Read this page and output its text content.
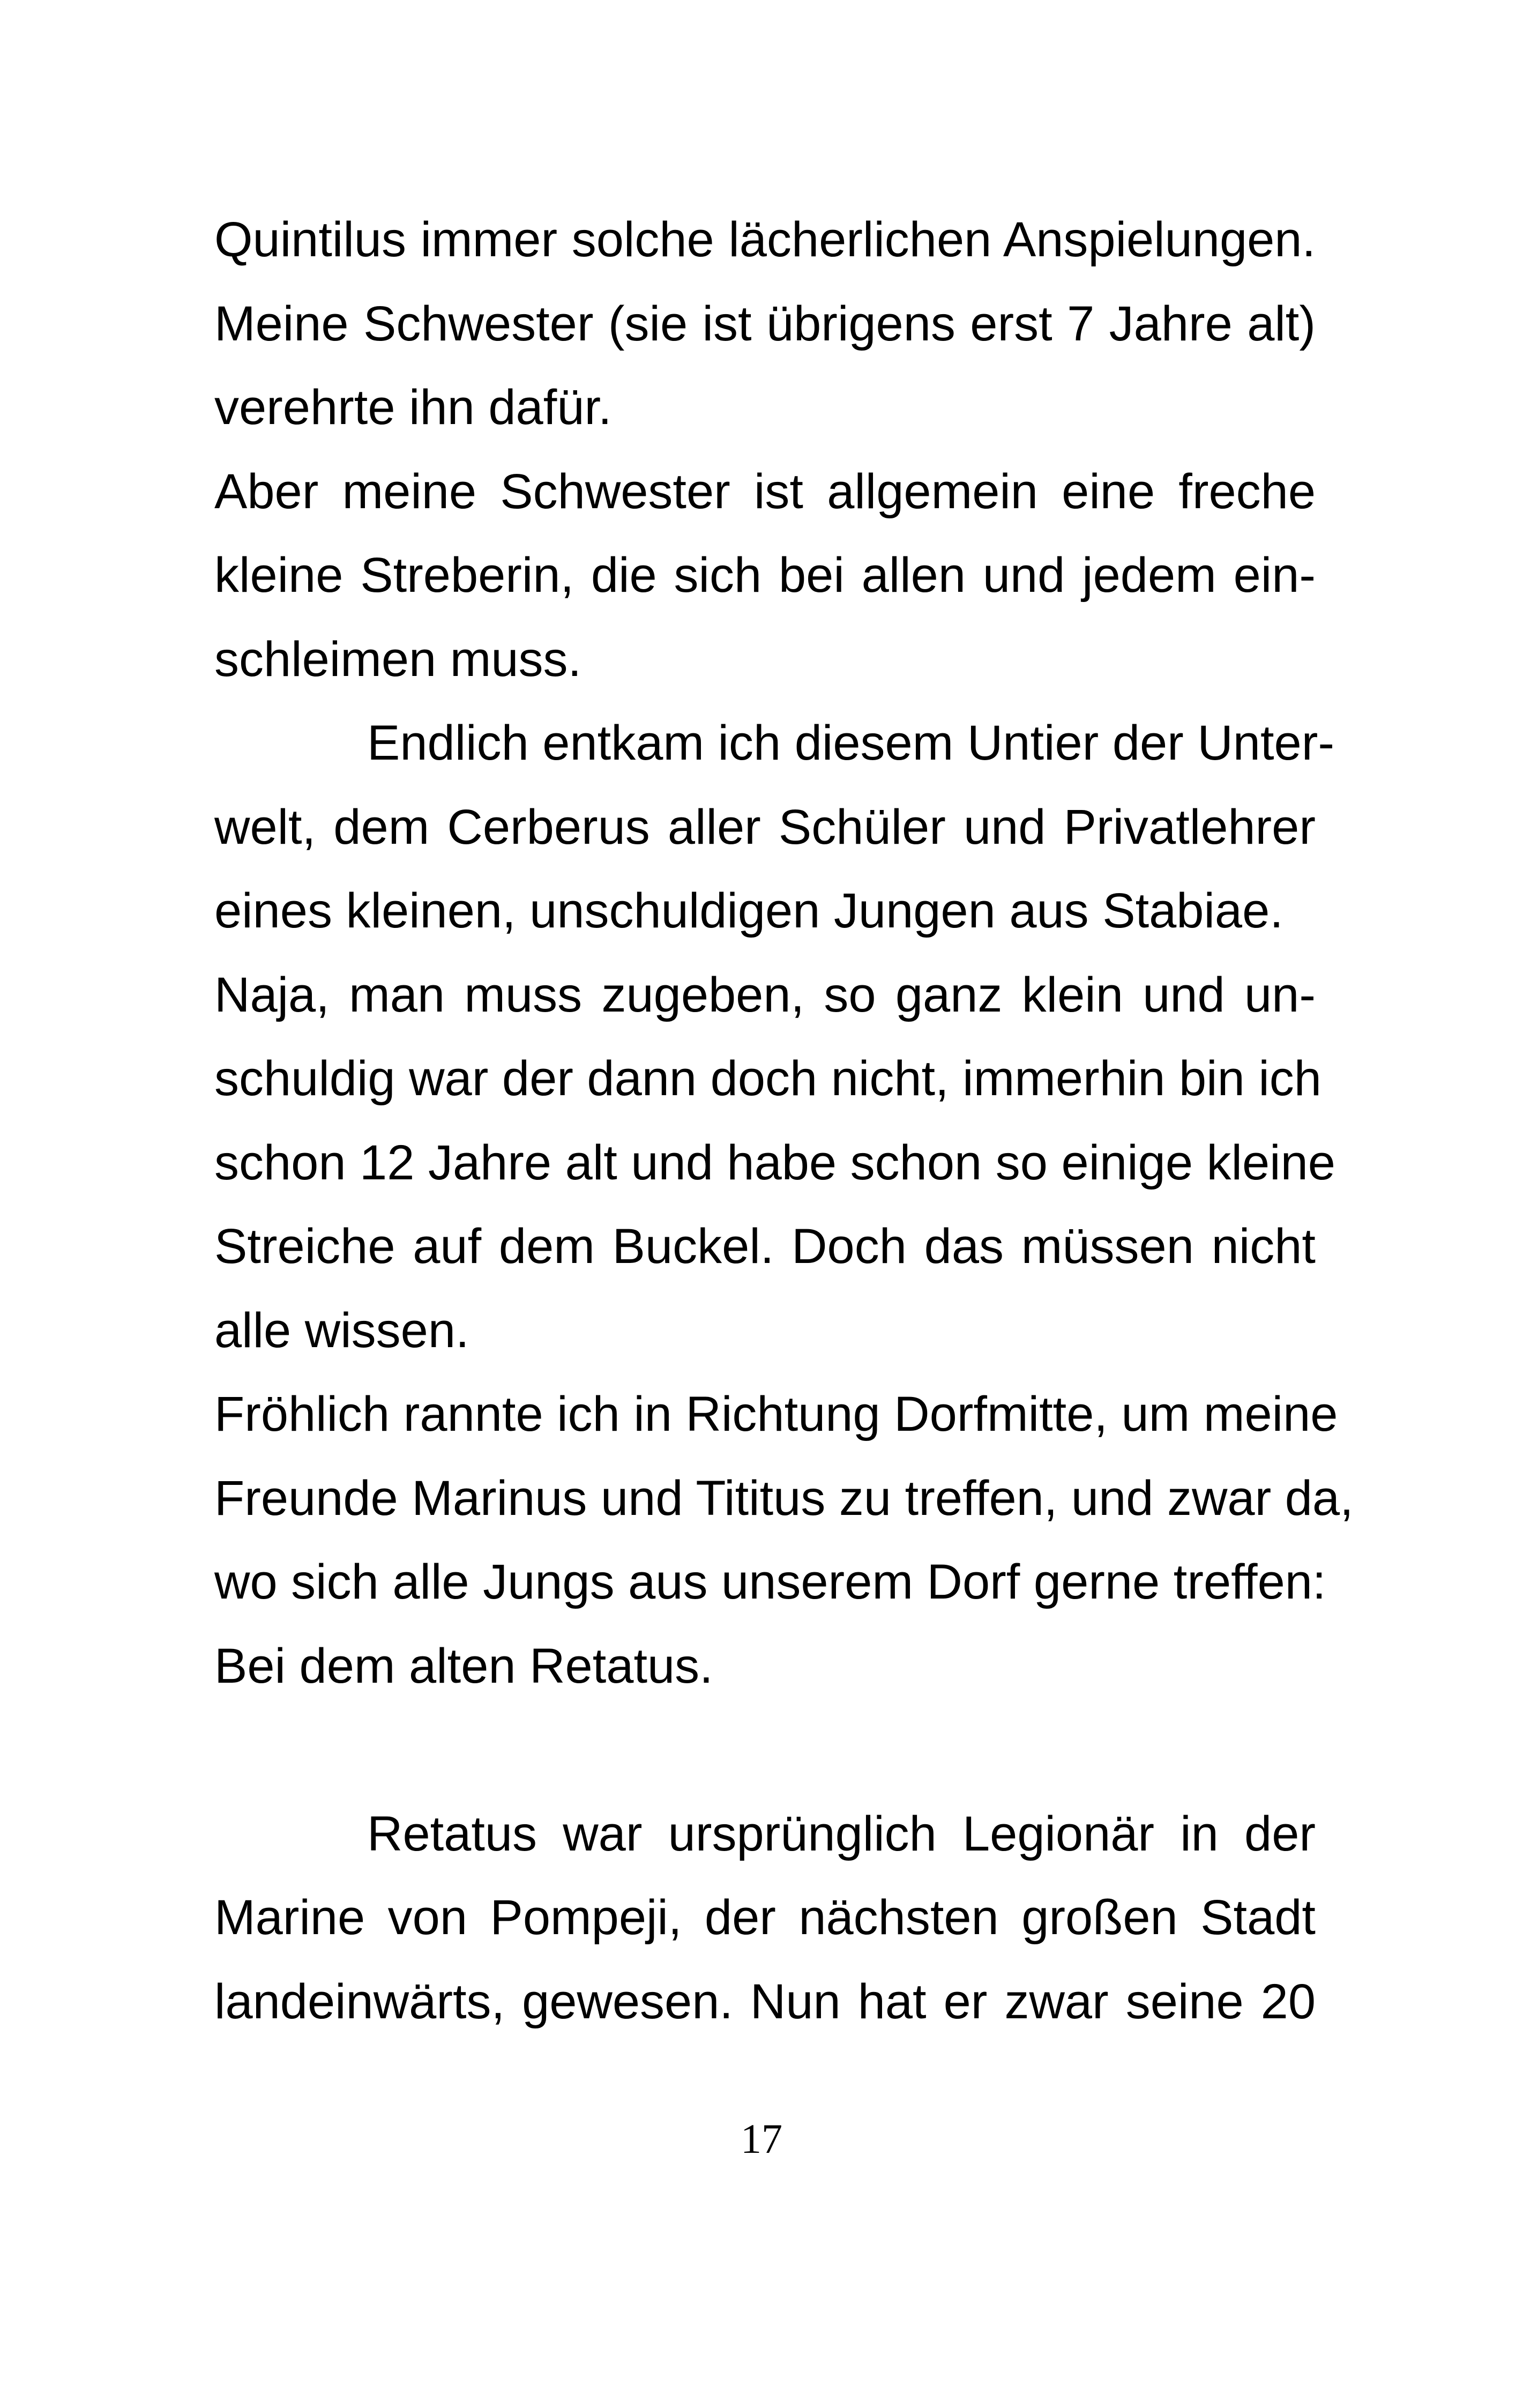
Quintilus immer solche lächerlichen Anspielungen.
Meine Schwester (sie ist übrigens erst 7 Jahre alt)
verehrte ihn dafür.
Aber meine Schwester ist allgemein eine freche
kleine Streberin, die sich bei allen und jedem ein-
schleimen muss.
Endlich entkam ich diesem Untier der Unter-
welt, dem Cerberus aller Schüler und Privatlehrer
eines kleinen, unschuldigen Jungen aus Stabiae.
Naja, man muss zugeben, so ganz klein und un-
schuldig war der dann doch nicht, immerhin bin ich
schon 12 Jahre alt und habe schon so einige kleine
Streiche auf dem Buckel. Doch das müssen nicht
alle wissen.
Fröhlich rannte ich in Richtung Dorfmitte, um meine
Freunde Marinus und Tititus zu treffen, und zwar da,
wo sich alle Jungs aus unserem Dorf gerne treffen:
Bei dem alten Retatus.
Retatus war ursprünglich Legionär in der
Marine von Pompeji, der nächsten großen Stadt
landeinwärts, gewesen. Nun hat er zwar seine 20
17
